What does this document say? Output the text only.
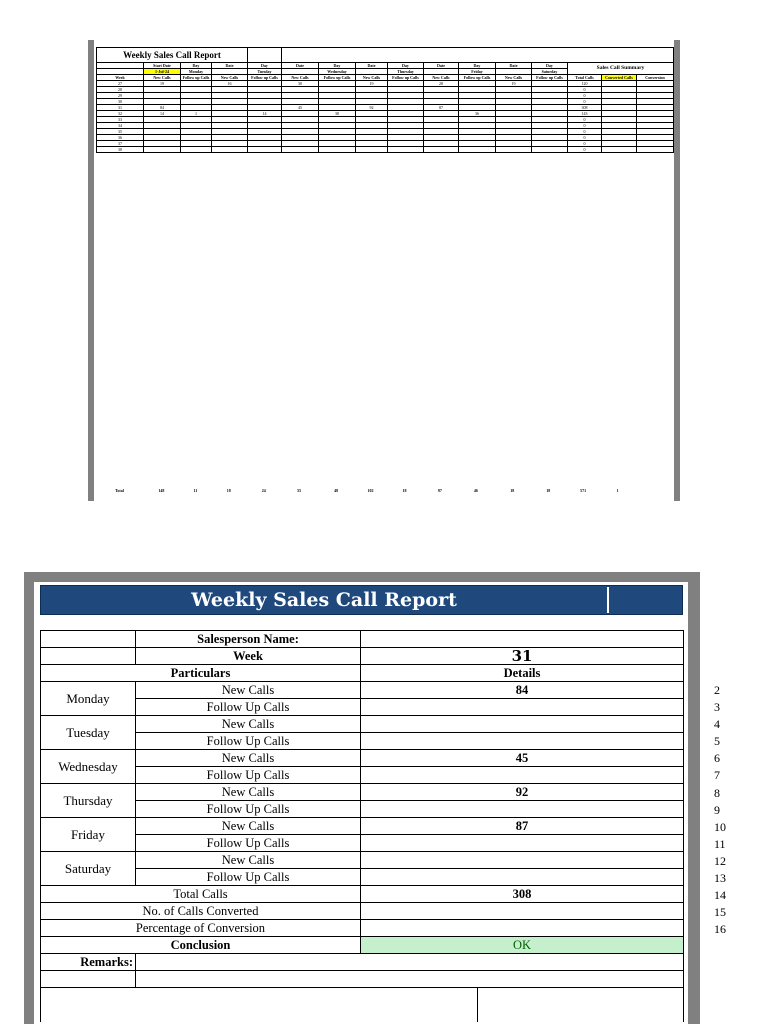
Weekly Sales Call Report															
	Start Date	Day	Date	Day	Date	Day	Date	Day	Date	Day	Date	Day	Sales Call Summary		
	1-Jul-24	Monday		Tuesday		Wednesday		Thursday		Friday		Saturday			
Week	New Calls	Follow up Calls	New Calls	Follow up Calls	New Calls	Follow up Calls	New Calls	Follow up Calls	New Calls	Follow up Calls	New Calls	Follow up Calls	Total Calls	Converted Calls	Conversion
27	19		16		30		19		28		19		120		
28													0		
29													0		
30													0		
31	84				45		92		87				308		
32	14	1		14		38				36			143		
33													0		
34													0		
35													0		
36													0		
37													0		
38													0		
Total	148	11	18	24	55	48	102	18	97	46	18	18	571	1
Weekly Sales Call Report
	Salesperson Name:		
	Week	31	
Particulars		Details	
Monday	New Calls	84	
	Follow Up Calls		
Tuesday	New Calls		
	Follow Up Calls		
Wednesday	New Calls	45	
	Follow Up Calls		
Thursday	New Calls	92	
	Follow Up Calls		
Friday	New Calls	87	
	Follow Up Calls		
Saturday	New Calls		
	Follow Up Calls		
Total Calls		308	
No. of Calls Converted			
Percentage of Conversion			
Conclusion		OK	
Remarks:			

2
3
4
5
6
7
8
9
10
11
12
13
14
15
16
